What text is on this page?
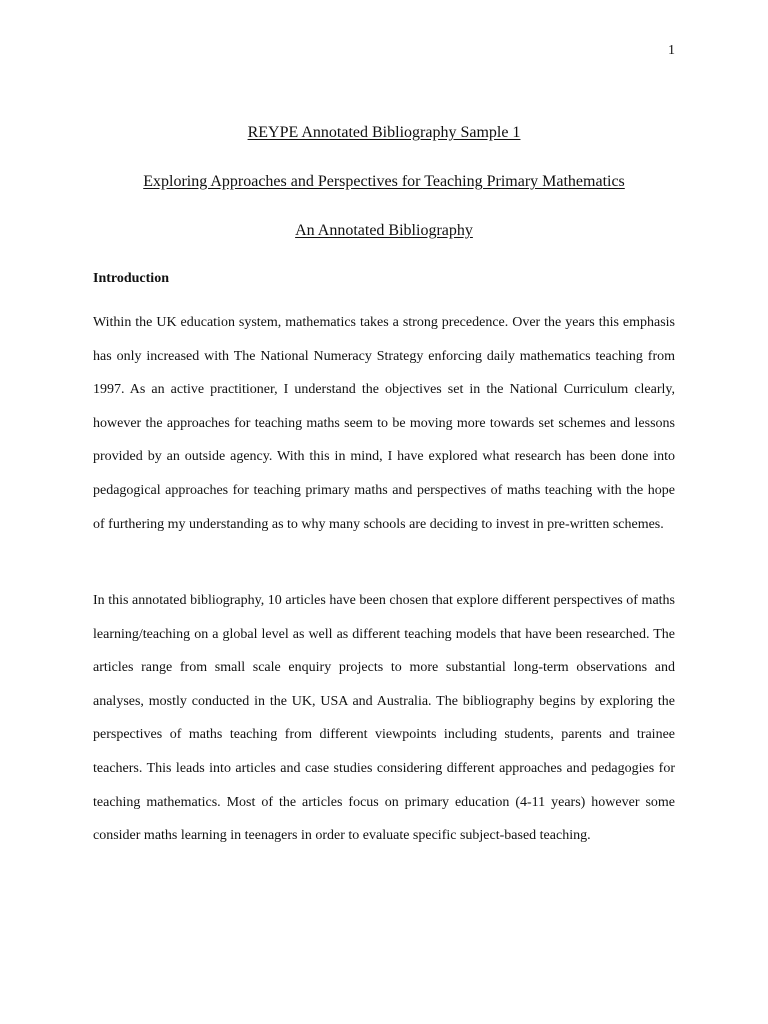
1
REYPE Annotated Bibliography Sample 1
Exploring Approaches and Perspectives for Teaching Primary Mathematics
An Annotated Bibliography
Introduction

Within the UK education system, mathematics takes a strong precedence. Over the years this emphasis has only increased with The National Numeracy Strategy enforcing daily mathematics teaching from 1997. As an active practitioner, I understand the objectives set in the National Curriculum clearly, however the approaches for teaching maths seem to be moving more towards set schemes and lessons provided by an outside agency. With this in mind, I have explored what research has been done into pedagogical approaches for teaching primary maths and perspectives of maths teaching with the hope of furthering my understanding as to why many schools are deciding to invest in pre-written schemes.

In this annotated bibliography, 10 articles have been chosen that explore different perspectives of maths learning/teaching on a global level as well as different teaching models that have been researched. The articles range from small scale enquiry projects to more substantial long-term observations and analyses, mostly conducted in the UK, USA and Australia. The bibliography begins by exploring the perspectives of maths teaching from different viewpoints including students, parents and trainee teachers. This leads into articles and case studies considering different approaches and pedagogies for teaching mathematics. Most of the articles focus on primary education (4-11 years) however some consider maths learning in teenagers in order to evaluate specific subject-based teaching.
